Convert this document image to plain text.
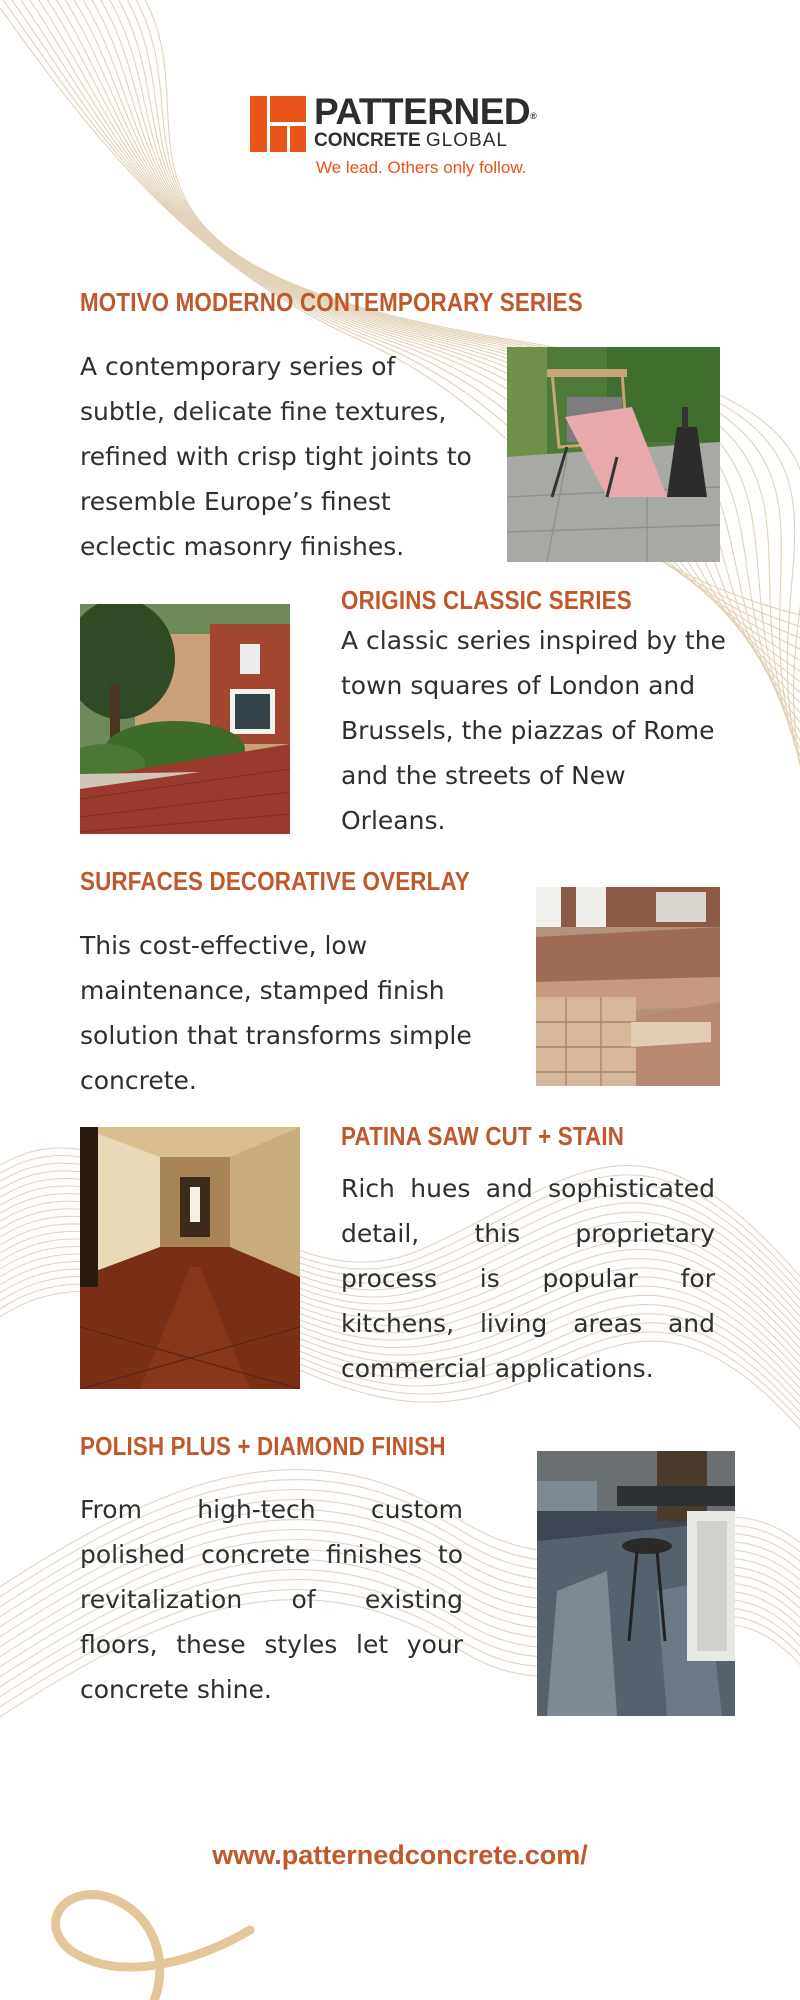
PATTERNED®
CONCRETE GLOBAL
We lead. Others only follow.
MOTIVO MODERNO CONTEMPORARY SERIES

A contemporary series of subtle, delicate fine textures, refined with crisp tight joints to resemble Europe’s finest eclectic masonry finishes.

ORIGINS CLASSIC SERIES

A classic series inspired by the town squares of London and Brussels, the piazzas of Rome and the streets of New Orleans.

SURFACES DECORATIVE OVERLAY

This cost-effective, low maintenance, stamped finish solution that transforms simple concrete.

PATINA SAW CUT + STAIN

Rich hues and sophisticated detail, this proprietary process is popular for kitchens, living areas and commercial applications.

POLISH PLUS + DIAMOND FINISH

From high-tech custom polished concrete finishes to revitalization of existing floors, these styles let your concrete shine.

www.patternedconcrete.com/
